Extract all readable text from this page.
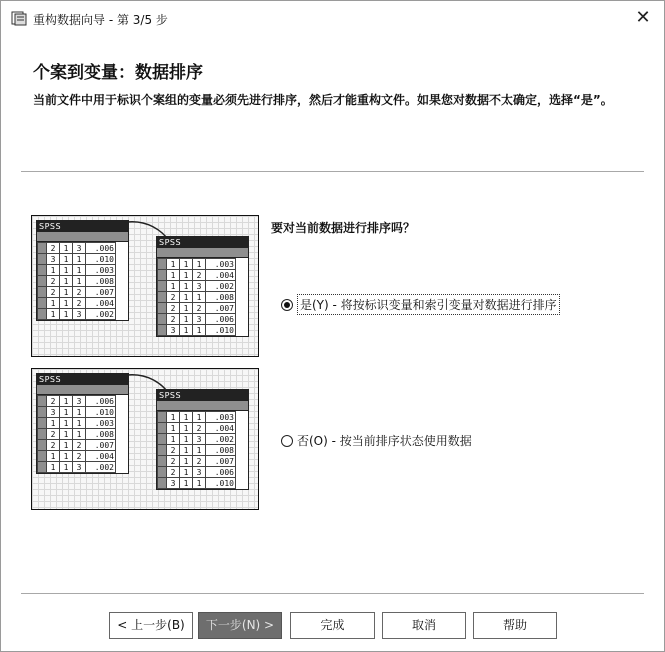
重构数据向导 - 第 3/5 步	✕
个案到变量：数据排序
当前文件中用于标识个案组的变量必须先进行排序，然后才能重构文件。如果您对数据不太确定，选择“是”。
SPSS
	2	1	3	.006
	3	1	1	.010
	1	1	1	.003
	2	1	1	.008
	2	1	2	.007
	1	1	2	.004
	1	1	3	.002
SPSS
	1	1	1	.003
	1	1	2	.004
	1	1	3	.002
	2	1	1	.008
	2	1	2	.007
	2	1	3	.006
	3	1	1	.010
SPSS
	2	1	3	.006
	3	1	1	.010
	1	1	1	.003
	2	1	1	.008
	2	1	2	.007
	1	1	2	.004
	1	1	3	.002
SPSS
	1	1	1	.003
	1	1	2	.004
	1	1	3	.002
	2	1	1	.008
	2	1	2	.007
	2	1	3	.006
	3	1	1	.010
要对当前数据进行排序吗？
是(Y) - 将按标识变量和索引变量对数据进行排序
否(O) - 按当前排序状态使用数据
< 上一步(B)	下一步(N) >	完成	取消	帮助
